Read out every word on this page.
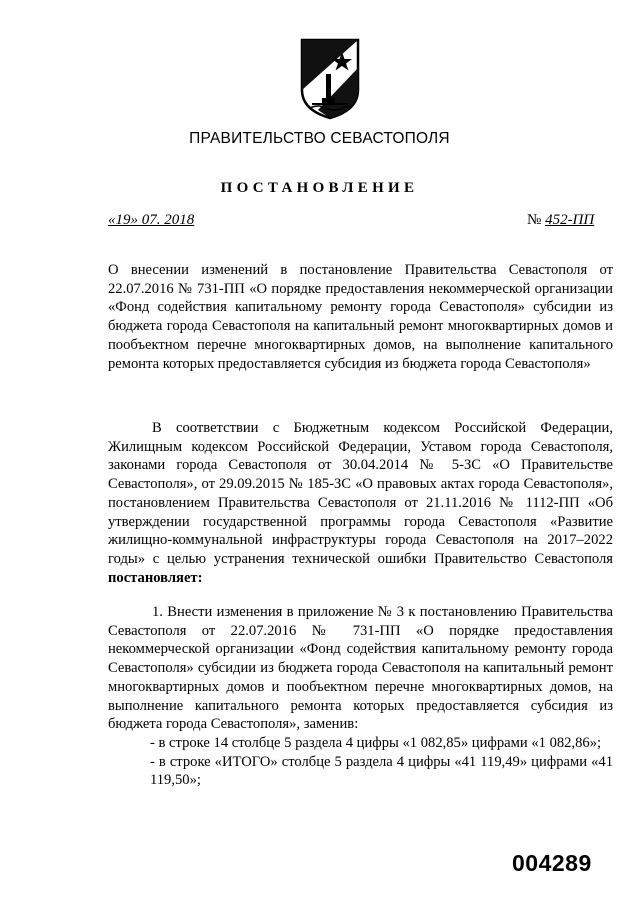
ПРАВИТЕЛЬСТВО СЕВАСТОПОЛЯ
ПОСТАНОВЛЕНИЕ
«19» 07. 2018	№ 452-ПП

О внесении изменений в постановление Правительства Севастополя от 22.07.2016 № 731-ПП «О порядке предоставления некоммерческой организации «Фонд содействия капитальному ремонту города Севастополя» субсидии из бюджета города Севастополя на капитальный ремонт многоквартирных домов и пообъектном перечне многоквартирных домов, на выполнение капитального ремонта которых предоставляется субсидия из бюджета города Севастополя»

В соответствии с Бюджетным кодексом Российской Федерации, Жилищным кодексом Российской Федерации, Уставом города Севастополя, законами города Севастополя от 30.04.2014 № 5-ЗС «О Правительстве Севастополя», от 29.09.2015 № 185-ЗС «О правовых актах города Севастополя», постановлением Правительства Севастополя от 21.11.2016 № 1112-ПП «Об утверждении государственной программы города Севастополя «Развитие жилищно-коммунальной инфраструктуры города Севастополя на 2017–2022 годы» с целью устранения технической ошибки Правительство Севастополя постановляет:

1. Внести изменения в приложение № 3 к постановлению Правительства Севастополя от 22.07.2016 № 731-ПП «О порядке предоставления некоммерческой организации «Фонд содействия капитальному ремонту города Севастополя» субсидии из бюджета города Севастополя на капитальный ремонт многоквартирных домов и пообъектном перечне многоквартирных домов, на выполнение капитального ремонта которых предоставляется субсидия из бюджета города Севастополя», заменив:

- в строке 14 столбце 5 раздела 4 цифры «1 082,85» цифрами «1 082,86»;

- в строке «ИТОГО» столбце 5 раздела 4 цифры «41 119,49» цифрами «41 119,50»;

004289
